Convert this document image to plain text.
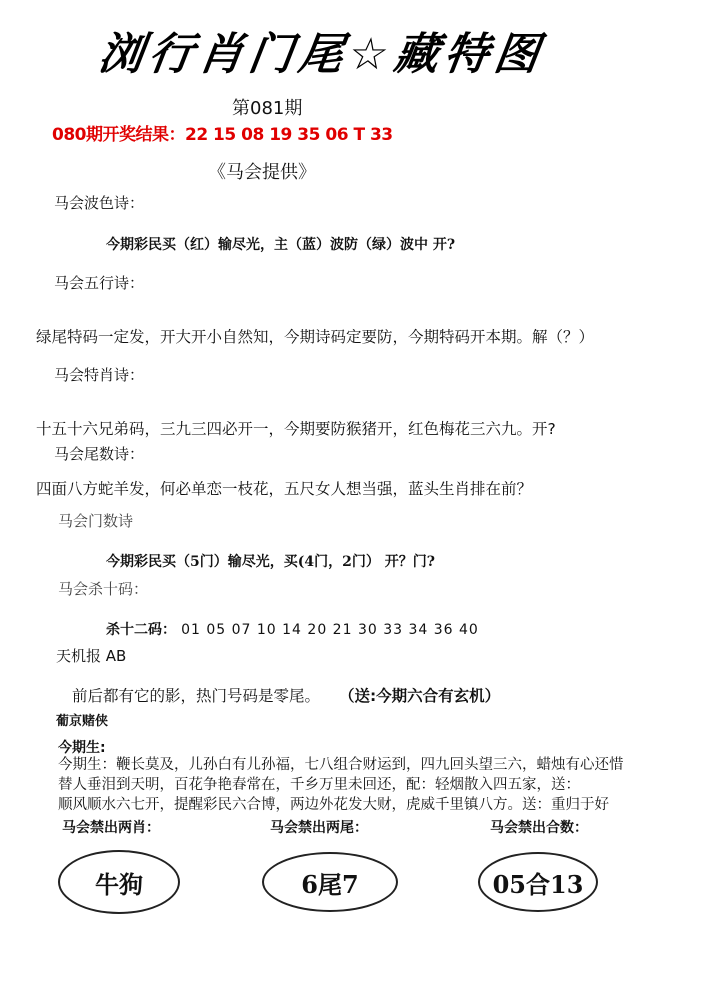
浏行肖门尾☆藏特图
第081期
080期开奖结果：22 15 08 19 35 06 T 33
《马会提供》
马会波色诗：
今期彩民买（红）输尽光，主（蓝）波防（绿）波中 开?
马会五行诗：
绿尾特码一定发，开大开小自然知，今期诗码定要防，今期特码开本期。解（？）
马会特肖诗：
十五十六兄弟码，三九三四必开一，今期要防猴猪开，红色梅花三六九。开?
马会尾数诗：
四面八方蛇羊发，何必单恋一枝花，五尺女人想当强，蓝头生肖排在前？
马会门数诗
今期彩民买（5门）输尽光，买(4门，2门） 开？门?
马会杀十码：
杀十二码： 01 05 07 10 14 20 21 30 33 34 36 40
天机报 AB
前后都有它的影，热门号码是零尾。 （送:今期六合有玄机）
葡京赌侠
今期生:
今期生：鞭长莫及，儿孙白有儿孙福，七八组合财运到，四九回头望三六，蜡烛有心还惜
替人垂泪到天明，百花争艳春常在，千乡万里未回还，配：轻烟散入四五家，送：
顺风顺水六七开，提醒彩民六合博，两边外花发大财，虎威千里镇八方。送：重归于好
马会禁出两肖：	马会禁出两尾：	马会禁出合数：
牛狗	6尾7	05合13
